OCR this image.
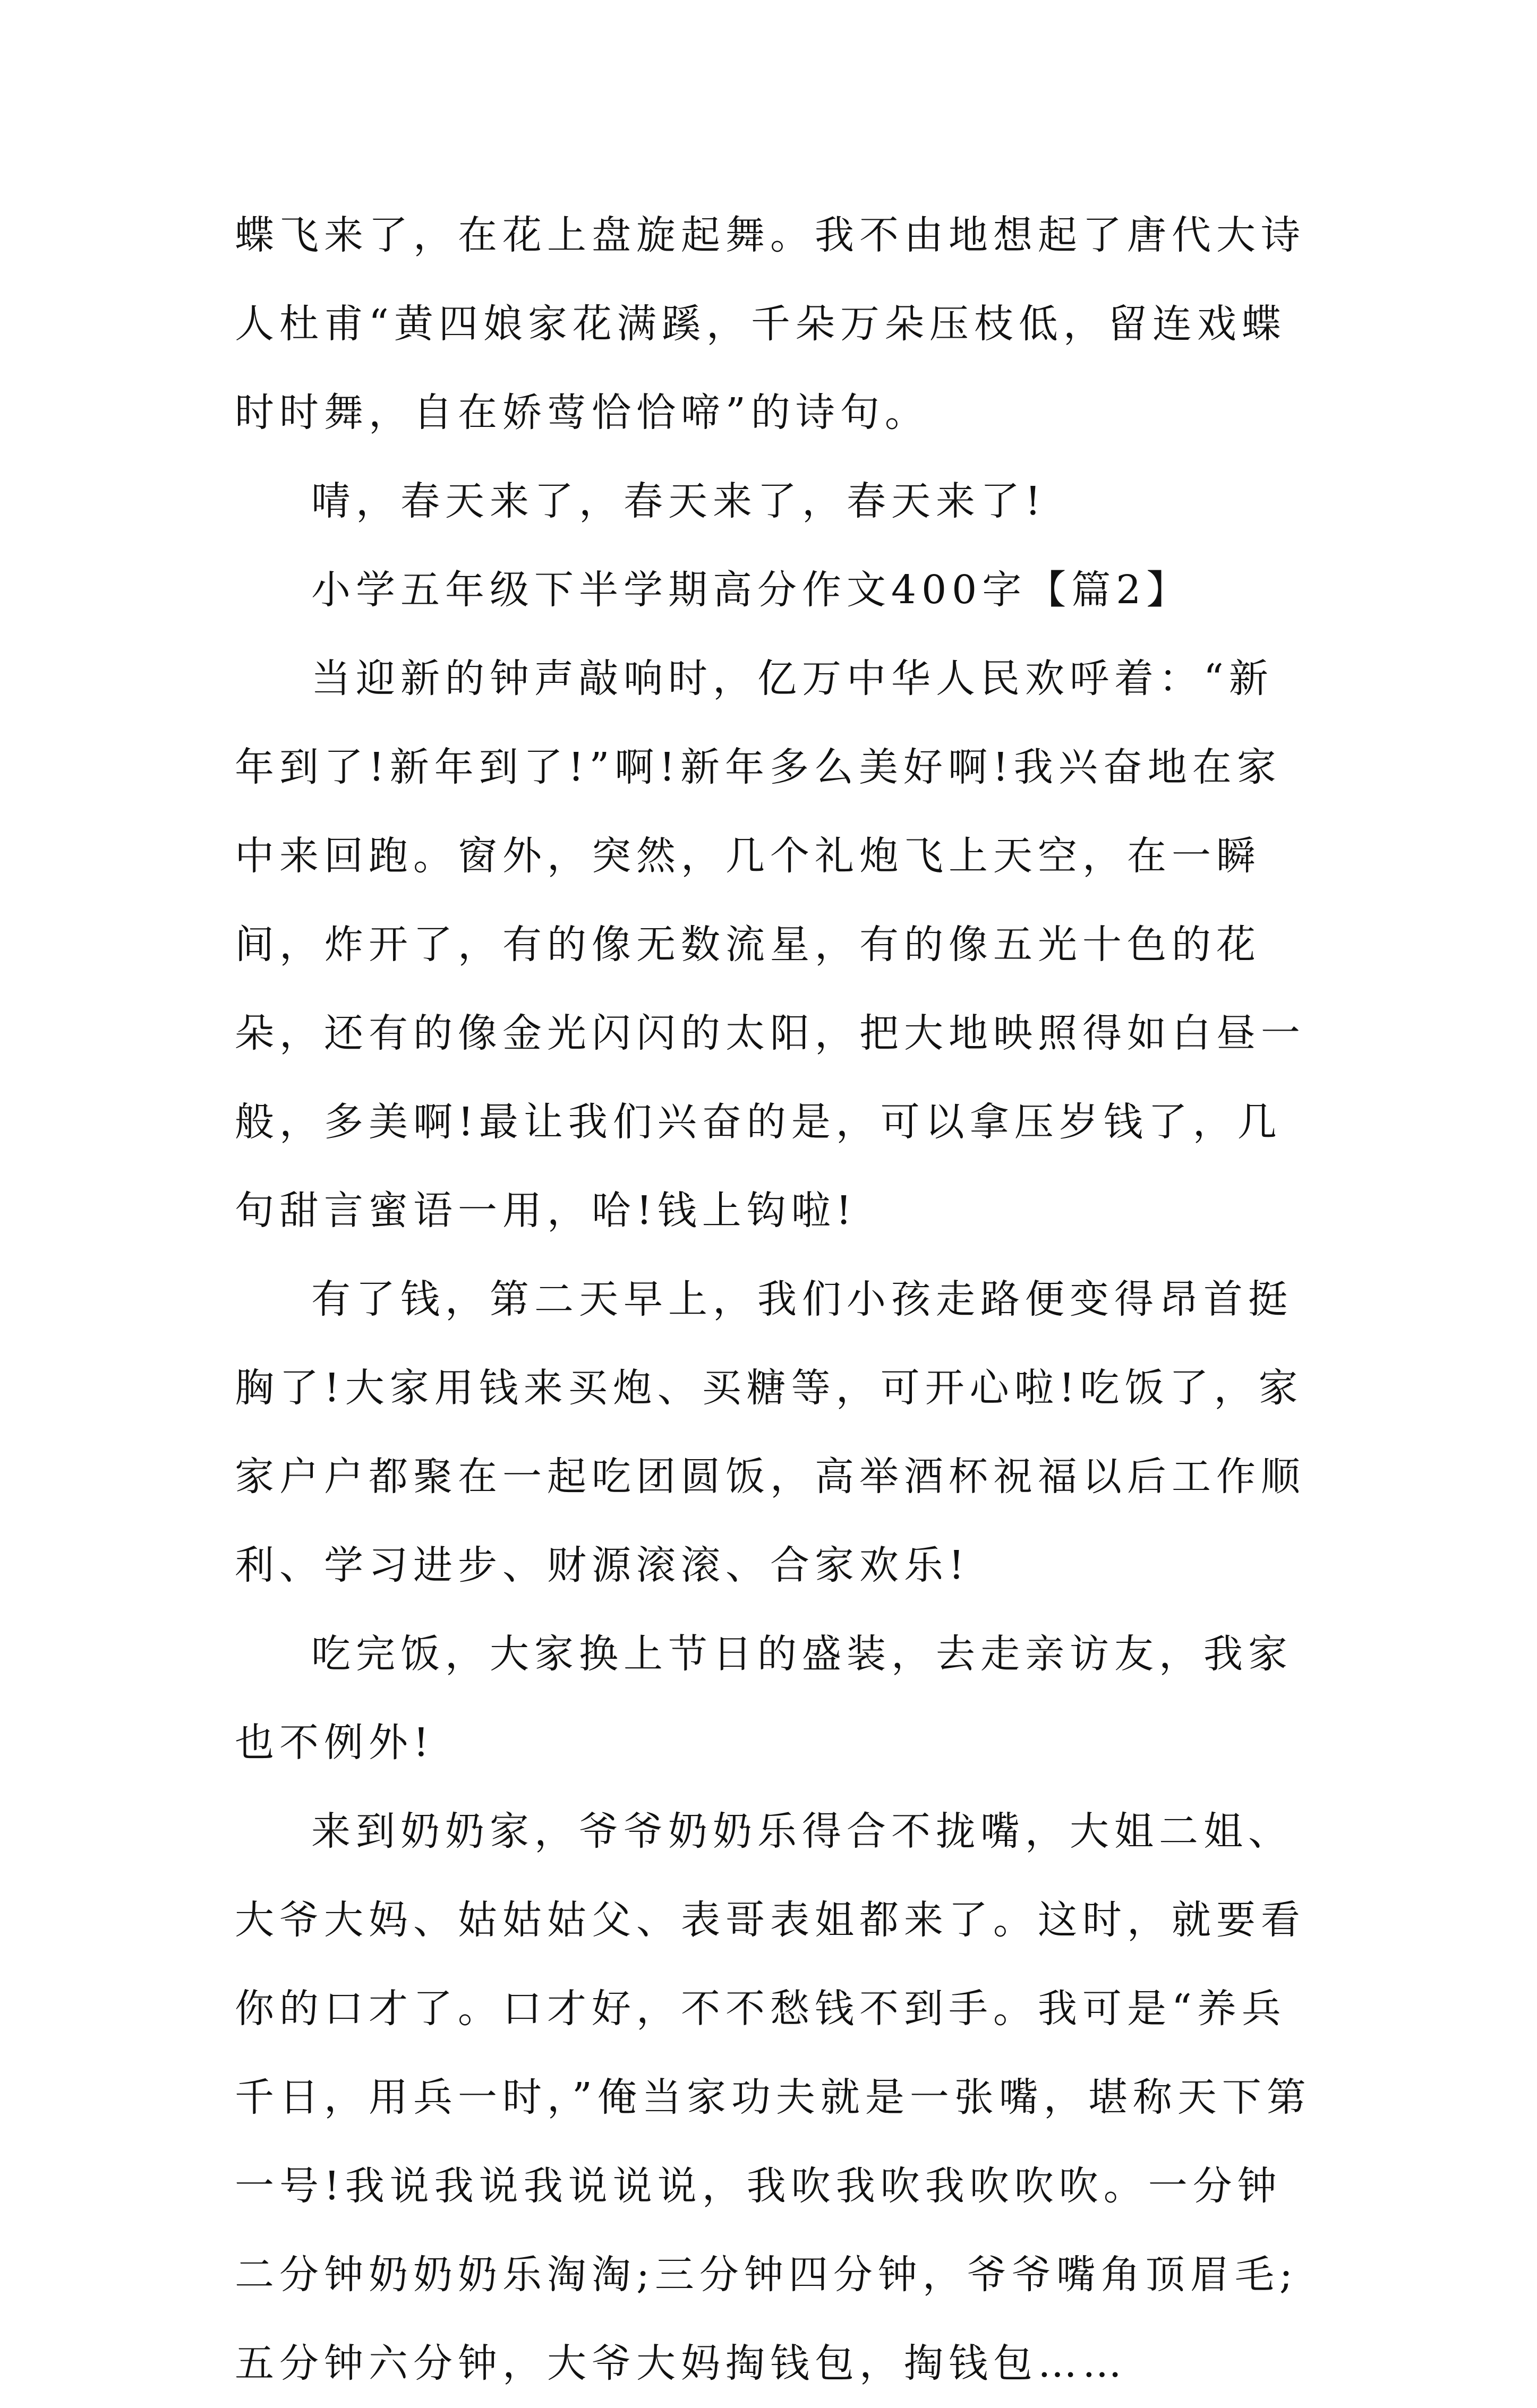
蝶飞来了，在花上盘旋起舞。我不由地想起了唐代大诗人杜甫“黄四娘家花满蹊，千朵万朵压枝低，留连戏蝶时时舞，自在娇莺恰恰啼”的诗句。

啨，春天来了，春天来了，春天来了!

小学五年级下半学期高分作文400字【篇2】

当迎新的钟声敲响时，亿万中华人民欢呼着：“新年到了!新年到了!”啊!新年多么美好啊!我兴奋地在家中来回跑。窗外，突然，几个礼炮飞上天空，在一瞬间，炸开了，有的像无数流星，有的像五光十色的花朵，还有的像金光闪闪的太阳，把大地映照得如白昼一般，多美啊!最让我们兴奋的是，可以拿压岁钱了，几句甜言蜜语一用，哈!钱上钩啦!

有了钱，第二天早上，我们小孩走路便变得昂首挺胸了!大家用钱来买炮、买糖等，可开心啦!吃饭了，家家户户都聚在一起吃团圆饭，高举酒杯祝福以后工作顺利、学习进步、财源滚滚、合家欢乐!

吃完饭，大家换上节日的盛装，去走亲访友，我家也不例外!

来到奶奶家，爷爷奶奶乐得合不拢嘴，大姐二姐、大爷大妈、姑姑姑父、表哥表姐都来了。这时，就要看你的口才了。口才好，不不愁钱不到手。我可是“养兵千日，用兵一时，”俺当家功夫就是一张嘴，堪称天下第一号!我说我说我说说说，我吹我吹我吹吹吹。一分钟二分钟奶奶奶乐淘淘;三分钟四分钟，爷爷嘴角顶眉毛;五分钟六分钟，大爷大妈掏钱包，掏钱包……
